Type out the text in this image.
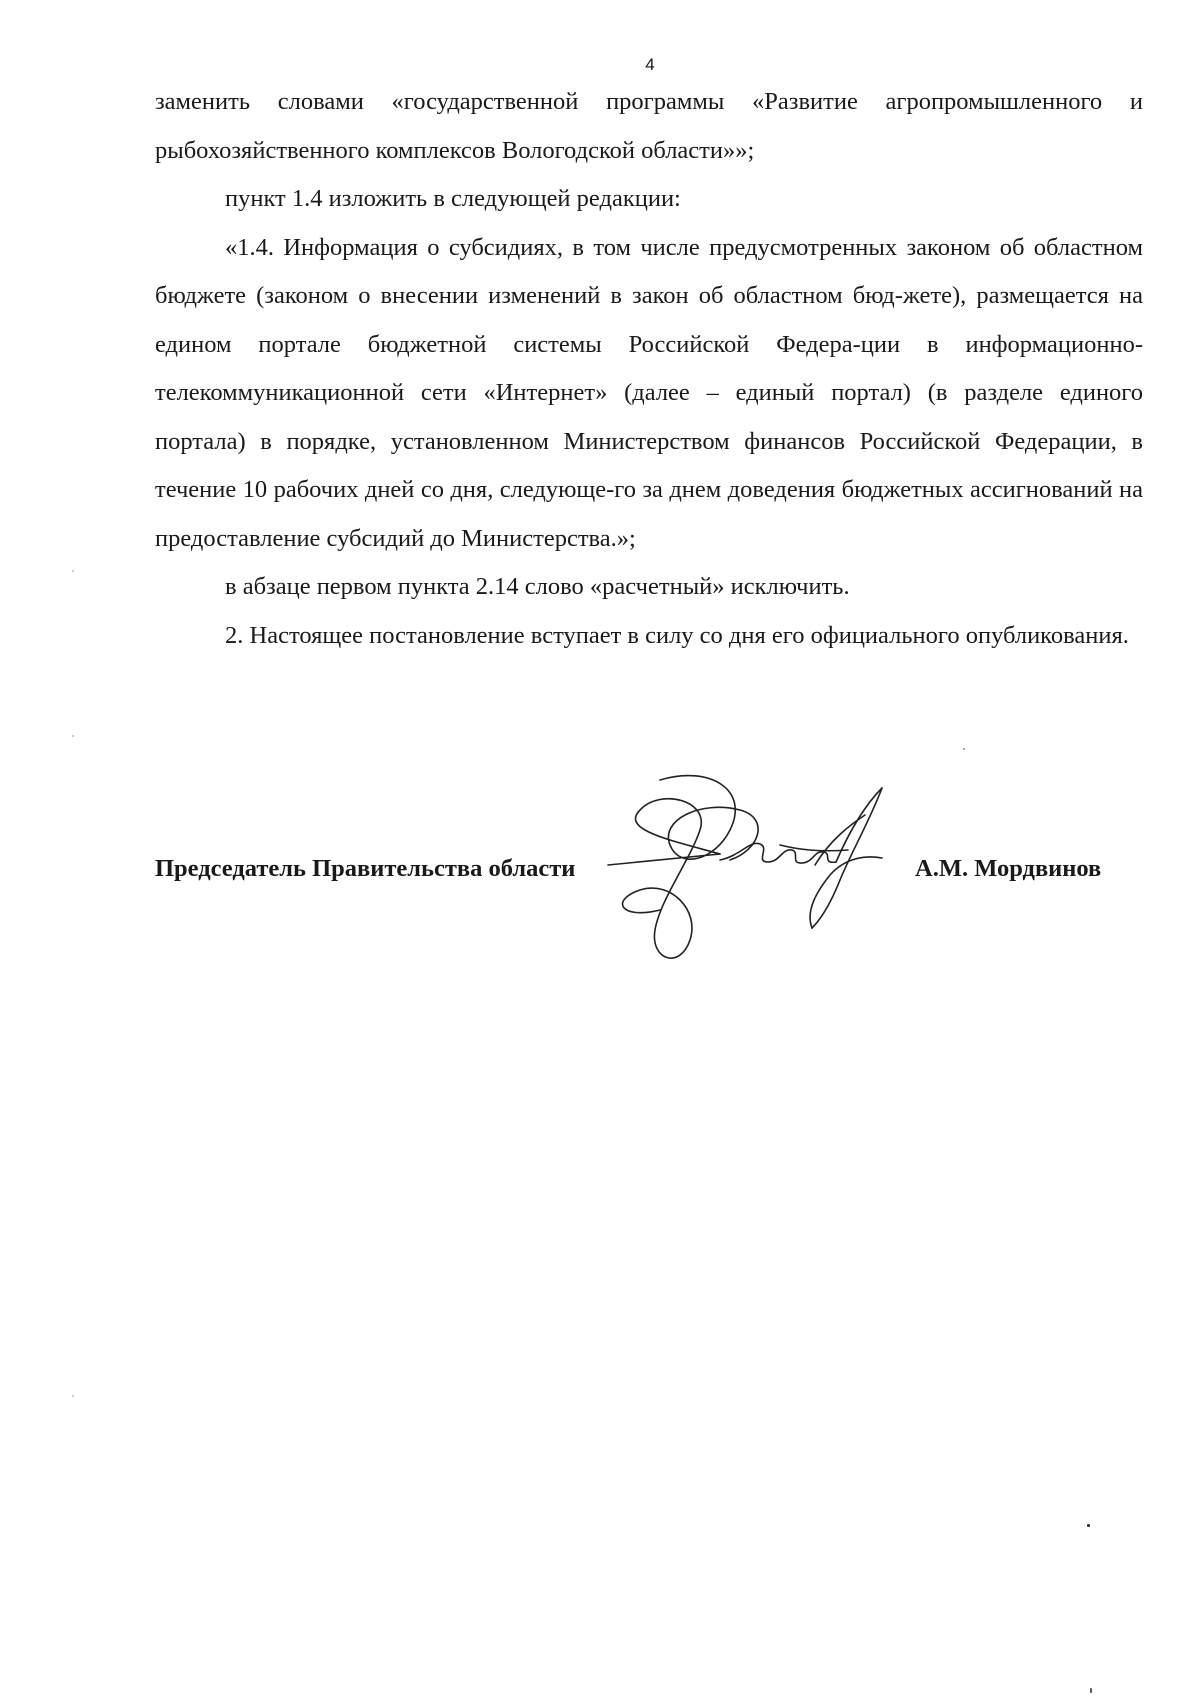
4

заменить словами «государственной программы «Развитие агропромышленного и рыбохозяйственного комплексов Вологодской области»»;

пункт 1.4 изложить в следующей редакции:

«1.4. Информация о субсидиях, в том числе предусмотренных законом об областном бюджете (законом о внесении изменений в закон об областном бюд-жете), размещается на едином портале бюджетной системы Российской Федера-ции в информационно-телекоммуникационной сети «Интернет» (далее – единый портал) (в разделе единого портала) в порядке, установленном Министерством финансов Российской Федерации, в течение 10 рабочих дней со дня, следующе-го за днем доведения бюджетных ассигнований на предоставление субсидий до Министерства.»;

в абзаце первом пункта 2.14 слово «расчетный» исключить.

2. Настоящее постановление вступает в силу со дня его официального опубликования.

Председатель Правительства области	А.М. Мордвинов
